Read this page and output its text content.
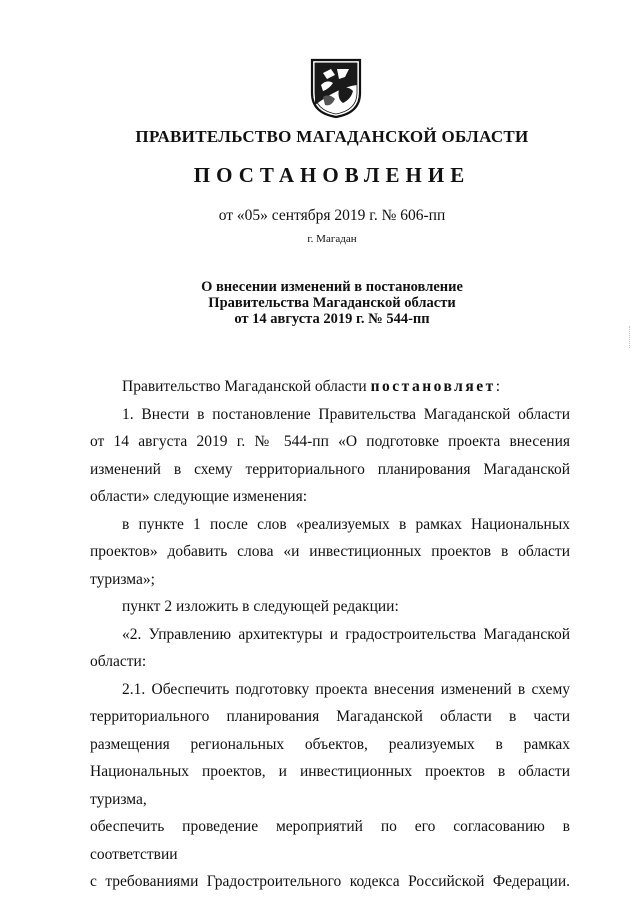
ПРАВИТЕЛЬСТВО МАГАДАНСКОЙ ОБЛАСТИ
ПОСТАНОВЛЕНИЕ
от «05» сентября 2019 г. № 606-пп
г. Магадан
О внесении изменений в постановление
Правительства Магаданской области
от 14 августа 2019 г. № 544-пп

Правительство Магаданской области постановляет:

1. Внести в постановление Правительства Магаданской области
от 14 августа 2019 г. № 544-пп «О подготовке проекта внесения
изменений в схему территориального планирования Магаданской
области» следующие изменения:
в пункте 1 после слов «реализуемых в рамках Национальных
проектов» добавить слова «и инвестиционных проектов в области
туризма»;
пункт 2 изложить в следующей редакции:
«2. Управлению архитектуры и градостроительства Магаданской
области:
2.1. Обеспечить подготовку проекта внесения изменений в схему
территориального планирования Магаданской области в части
размещения региональных объектов, реализуемых в рамках
Национальных проектов, и инвестиционных проектов в области туризма,
обеспечить проведение мероприятий по его согласованию в соответствии
с требованиями Градостроительного кодекса Российской Федерации.
